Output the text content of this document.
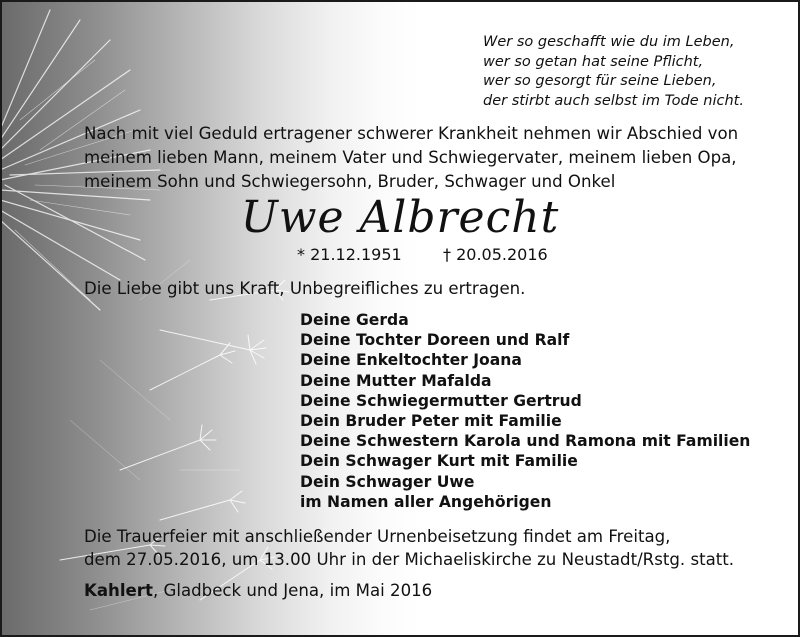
Wer so geschafft wie du im Leben,
wer so getan hat seine Pflicht,
wer so gesorgt für seine Lieben,
der stirbt auch selbst im Tode nicht.
Nach mit viel Geduld ertragener schwerer Krankheit nehmen wir Abschied von
meinem lieben Mann, meinem Vater und Schwiegervater, meinem lieben Opa,
meinem Sohn und Schwiegersohn, Bruder, Schwager und Onkel
Uwe Albrecht
* 21.12.1951	† 20.05.2016
Die Liebe gibt uns Kraft, Unbegreifliches zu ertragen.
Deine Gerda
Deine Tochter Doreen und Ralf
Deine Enkeltochter Joana
Deine Mutter Mafalda
Deine Schwiegermutter Gertrud
Dein Bruder Peter mit Familie
Deine Schwestern Karola und Ramona mit Familien
Dein Schwager Kurt mit Familie
Dein Schwager Uwe
im Namen aller Angehörigen
Die Trauerfeier mit anschließender Urnenbeisetzung findet am Freitag,
dem 27.05.2016, um 13.00 Uhr in der Michaeliskirche zu Neustadt/Rstg. statt.
Kahlert, Gladbeck und Jena, im Mai 2016
